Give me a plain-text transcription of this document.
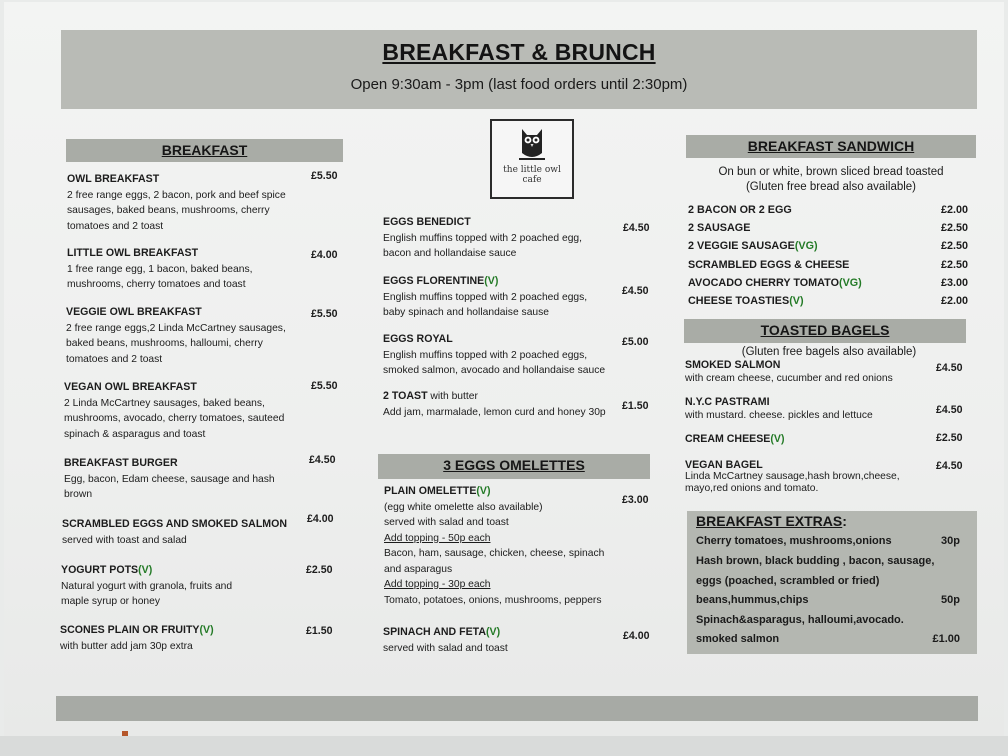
BREAKFAST & BRUNCH

Open 9:30am - 3pm (last food orders until 2:30pm)

the little owl
cafe
BREAKFAST
OWL BREAKFAST
2 free range eggs, 2 bacon, pork and beef spice
sausages, baked beans, mushrooms, cherry
tomatoes and 2 toast
£5.50
LITTLE OWL BREAKFAST
1 free range egg, 1 bacon, baked beans,
mushrooms, cherry tomatoes and toast
£4.00
VEGGIE OWL BREAKFAST
2 free range eggs,2 Linda McCartney sausages,
baked beans, mushrooms, halloumi, cherry
tomatoes and 2 toast
£5.50
VEGAN OWL BREAKFAST
2 Linda McCartney sausages, baked beans,
mushrooms, avocado, cherry tomatoes, sauteed
spinach & asparagus and toast
£5.50
BREAKFAST BURGER
Egg, bacon, Edam cheese, sausage and hash
brown
£4.50
SCRAMBLED EGGS AND SMOKED SALMON
served with toast and salad
£4.00
YOGURT POTS(V)
Natural yogurt with granola, fruits and
maple syrup or honey
£2.50
SCONES PLAIN OR FRUITY(V)
with butter add jam 30p extra
£1.50
EGGS BENEDICT
English muffins topped with 2 poached egg,
bacon and hollandaise sauce
£4.50
EGGS FLORENTINE(V)
English muffins topped with 2 poached eggs,
baby spinach and hollandaise sause
£4.50
EGGS ROYAL
English muffins topped with 2 poached eggs,
smoked salmon, avocado and hollandaise sauce
£5.00
2 TOAST with butter
Add jam, marmalade, lemon curd and honey 30p	£1.50
3 EGGS OMELETTES
PLAIN OMELETTE(V)
(egg white omelette also available)
served with salad and toast
Add topping - 50p each
Bacon, ham, sausage, chicken, cheese, spinach
and asparagus
Add topping - 30p each
Tomato, potatoes, onions, mushrooms, peppers
£3.00
SPINACH AND FETA(V)
served with salad and toast
£4.00
BREAKFAST SANDWICH
On bun or white, brown sliced bread toasted
(Gluten free bread also available)
2 BACON OR 2 EGG	£2.00
2 SAUSAGE	£2.50
2 VEGGIE SAUSAGE(VG)	£2.50
SCRAMBLED EGGS & CHEESE	£2.50
AVOCADO CHERRY TOMATO(VG)	£3.00
CHEESE TOASTIES(V)	£2.00
TOASTED BAGELS
(Gluten free bagels also available)
SMOKED SALMON
with cream cheese, cucumber and red onions
£4.50
N.Y.C PASTRAMI
with mustard. cheese. pickles and lettuce	£4.50
CREAM CHEESE(V)	£2.50
VEGAN BAGEL
Linda McCartney sausage,hash brown,cheese,
mayo,red onions and tomato.
£4.50
BREAKFAST EXTRAS:
Cherry tomatoes, mushrooms,onions	30p
Hash brown, black budding , bacon, sausage,
eggs (poached, scrambled or fried)
beans,hummus,chips	50p
Spinach&asparagus, halloumi,avocado.
smoked salmon	£1.00
